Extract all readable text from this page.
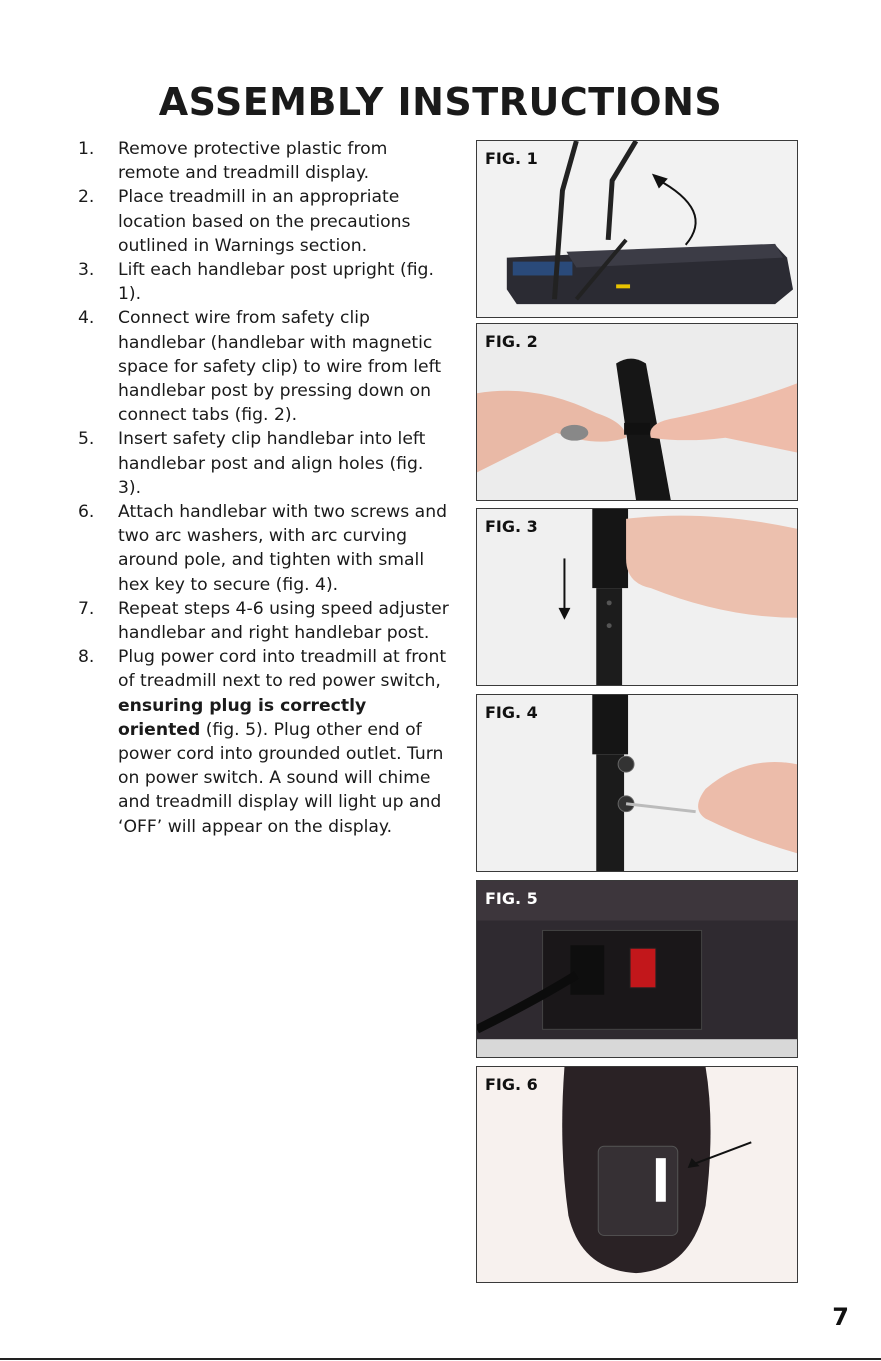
ASSEMBLY INSTRUCTIONS
1. Remove protective plastic from remote and treadmill display.
2. Place treadmill in an appropriate location based on the precautions outlined in Warnings section.
3. Lift each handlebar post upright (fig. 1).
4. Connect wire from safety clip handlebar (handlebar with magnetic space for safety clip) to wire from left handlebar post by pressing down on connect tabs (fig. 2).
5. Insert safety clip handlebar into left handlebar post and align holes (fig. 3).
6. Attach handlebar with two screws and two arc washers, with arc curving around pole, and tighten with small hex key to secure (fig. 4).
7. Repeat steps 4-6 using speed adjuster handlebar and right handlebar post.
8. Plug power cord into treadmill at front of treadmill next to red power switch, ensuring plug is correctly oriented (fig. 5). Plug other end of power cord into grounded outlet. Turn on power switch. A sound will chime and treadmill display will light up and ‘OFF’ will appear on the display.
FIG. 1
FIG. 2
FIG. 3
FIG. 4
FIG. 5
FIG. 6
7
